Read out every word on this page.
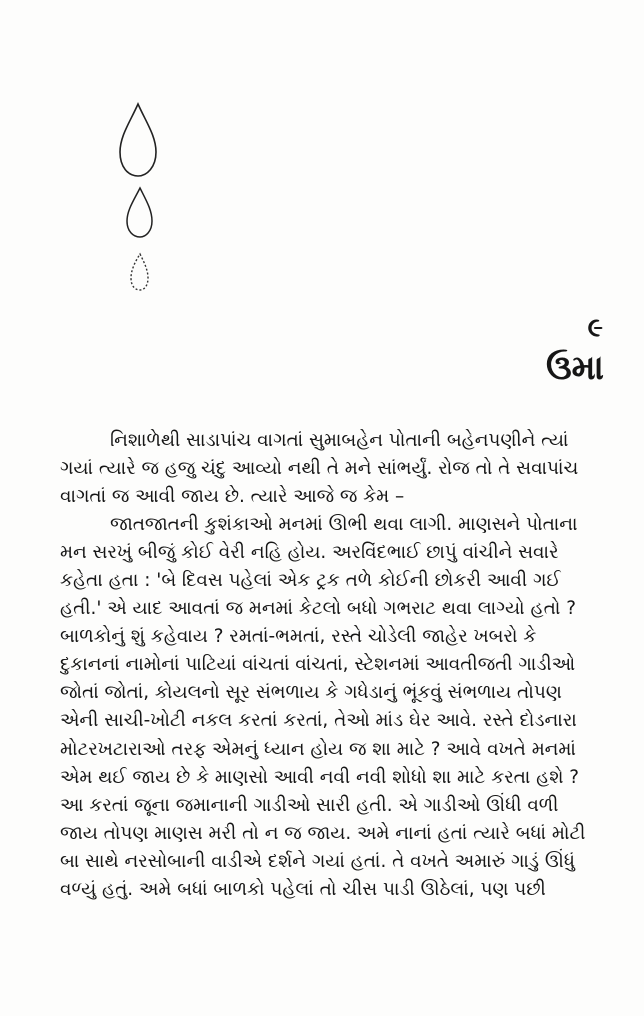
૯
ઉમા
નિશાળેથી સાડાપાંચ વાગતાં સુમાબહેન પોતાની બહેનપણીને ત્યાં
ગયાં ત્યારે જ હજુ ચંદુ આવ્યો નથી તે મને સાંભર્યું. રોજ તો તે સવાપાંચ
વાગતાં જ આવી જાય છે. ત્યારે આજે જ કેમ –
જાતજાતની કુશંકાઓ મનમાં ઊભી થવા લાગી. માણસને પોતાના
મન સરખું બીજું કોઈ વેરી નહિ હોય. અરવિંદભાઈ છાપું વાંચીને સવારે
કહેતા હતા : 'બે દિવસ પહેલાં એક ટ્રક તળે કોઈની છોકરી આવી ગઈ
હતી.' એ યાદ આવતાં જ મનમાં કેટલો બધો ગભરાટ થવા લાગ્યો હતો ?
બાળકોનું શું કહેવાય ? રમતાં-ભમતાં, રસ્તે ચોડેલી જાહેર ખબરો કે
દુકાનનાં નામોનાં પાટિયાં વાંચતાં વાંચતાં, સ્ટેશનમાં આવતીજતી ગાડીઓ
જોતાં જોતાં, કોયલનો સૂર સંભળાય કે ગધેડાનું ભૂંકવું સંભળાય તોપણ
એની સાચી-ખોટી નકલ કરતાં કરતાં, તેઓ માંડ ઘેર આવે. રસ્તે દોડનારા
મોટરખટારાઓ તરફ એમનું ધ્યાન હોય જ શા માટે ? આવે વખતે મનમાં
એમ થઈ જાય છે કે માણસો આવી નવી નવી શોધો શા માટે કરતા હશે ?
આ કરતાં જૂના જમાનાની ગાડીઓ સારી હતી. એ ગાડીઓ ઊંધી વળી
જાય તોપણ માણસ મરી તો ન જ જાય. અમે નાનાં હતાં ત્યારે બધાં મોટી
બા સાથે નરસોબાની વાડીએ દર્શને ગયાં હતાં. તે વખતે અમારું ગાડું ઊંધું
વળ્યું હતું. અમે બધાં બાળકો પહેલાં તો ચીસ પાડી ઊઠેલાં, પણ પછી
